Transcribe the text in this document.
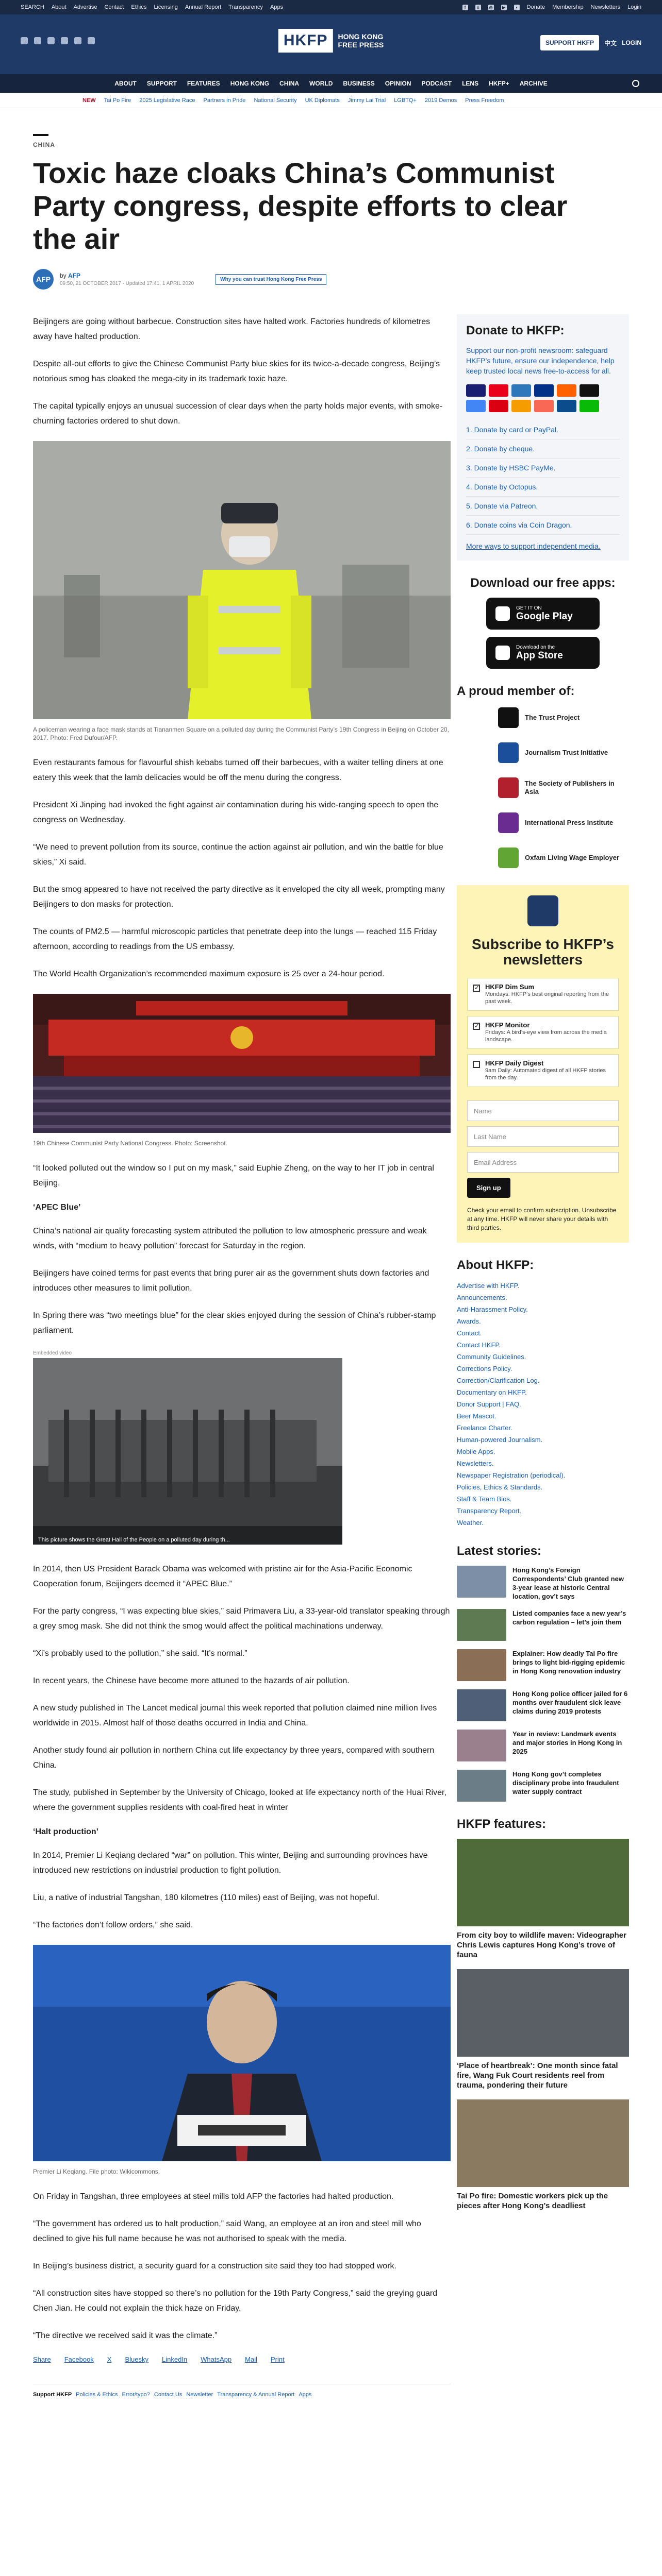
SEARCH About Advertise Contact Ethics Licensing Annual Report Transparency Apps	f	x	◎	▶	◗ Donate Membership Newsletters Login
HKFP	HONG KONG
FREE PRESS	SUPPORT HKFP	中文 LOGIN
ABOUT SUPPORT FEATURES HONG KONG CHINA WORLD BUSINESS OPINION PODCAST LENS HKFP+ ARCHIVE
NEW Tai Po Fire 2025 Legislative Race Partners in Pride National Security UK Diplomats Jimmy Lai Trial LGBTQ+ 2019 Demos Press Freedom
CHINA
Toxic haze cloaks China’s Communist Party congress, despite efforts to clear the air
AFP	by AFP
09:50, 21 OCTOBER 2017 · Updated 17:41, 1 APRIL 2020
Why you can trust Hong Kong Free Press

Beijingers are going without barbecue. Construction sites have halted work. Factories hundreds of kilometres away have halted production.

Despite all-out efforts to give the Chinese Communist Party blue skies for its twice-a-decade congress, Beijing’s notorious smog has cloaked the mega-city in its trademark toxic haze.

The capital typically enjoys an unusual succession of clear days when the party holds major events, with smoke-churning factories ordered to shut down.

A policeman wearing a face mask stands at Tiananmen Square on a polluted day during the Communist Party’s 19th Congress in Beijing on October 20, 2017. Photo: Fred Dufour/AFP.

Even restaurants famous for flavourful shish kebabs turned off their barbecues, with a waiter telling diners at one eatery this week that the lamb delicacies would be off the menu during the congress.

President Xi Jinping had invoked the fight against air contamination during his wide-ranging speech to open the congress on Wednesday.

“We need to prevent pollution from its source, continue the action against air pollution, and win the battle for blue skies,” Xi said.

But the smog appeared to have not received the party directive as it enveloped the city all week, prompting many Beijingers to don masks for protection.

The counts of PM2.5 — harmful microscopic particles that penetrate deep into the lungs — reached 115 Friday afternoon, according to readings from the US embassy.

The World Health Organization’s recommended maximum exposure is 25 over a 24-hour period.

19th Chinese Communist Party National Congress. Photo: Screenshot.

“It looked polluted out the window so I put on my mask,” said Euphie Zheng, on the way to her IT job in central Beijing.

‘APEC Blue’

China’s national air quality forecasting system attributed the pollution to low atmospheric pressure and weak winds, with “medium to heavy pollution” forecast for Saturday in the region.

Beijingers have coined terms for past events that bring purer air as the government shuts down factories and introduces other measures to limit pollution.

In Spring there was “two meetings blue” for the clear skies enjoyed during the session of China’s rubber-stamp parliament.

Embedded video
This picture shows the Great Hall of the People on a polluted day during th...

In 2014, then US President Barack Obama was welcomed with pristine air for the Asia-Pacific Economic Cooperation forum, Beijingers deemed it “APEC Blue.”

For the party congress, “I was expecting blue skies,” said Primavera Liu, a 33-year-old translator speaking through a grey smog mask. She did not think the smog would affect the political machinations underway.

“Xi’s probably used to the pollution,” she said. “It’s normal.”

In recent years, the Chinese have become more attuned to the hazards of air pollution.

A new study published in The Lancet medical journal this week reported that pollution claimed nine million lives worldwide in 2015. Almost half of those deaths occurred in India and China.

Another study found air pollution in northern China cut life expectancy by three years, compared with southern China.

The study, published in September by the University of Chicago, looked at life expectancy north of the Huai River, where the government supplies residents with coal-fired heat in winter

‘Halt production’

In 2014, Premier Li Keqiang declared “war” on pollution. This winter, Beijing and surrounding provinces have introduced new restrictions on industrial production to fight pollution.

Liu, a native of industrial Tangshan, 180 kilometres (110 miles) east of Beijing, was not hopeful.

“The factories don’t follow orders,” she said.

Premier Li Keqiang. File photo: Wikicommons.

On Friday in Tangshan, three employees at steel mills told AFP the factories had halted production.

“The government has ordered us to halt production,” said Wang, an employee at an iron and steel mill who declined to give his full name because he was not authorised to speak with the media.

In Beijing’s business district, a security guard for a construction site said they too had stopped work.

“All construction sites have stopped so there’s no pollution for the 19th Party Congress,” said the greying guard Chen Jian. He could not explain the thick haze on Friday.

“The directive we received said it was the climate.”

Share Facebook X Bluesky LinkedIn WhatsApp Mail Print
Support HKFP Policies & Ethics Error/typo? Contact Us Newsletter Transparency & Annual Report Apps
Donate to HKFP:

Support our non-profit newsroom: safeguard HKFP’s future, ensure our independence, help keep trusted local news free-to-access for all.

1. Donate by card or PayPal.
2. Donate by cheque.
3. Donate by HSBC PayMe.
4. Donate by Octopus.
5. Donate via Patreon.
6. Donate coins via Coin Dragon.

More ways to support independent media.

Download our free apps:
GET IT ON
Google Play
Download on the
App Store
A proud member of:
The Trust Project
Journalism Trust Initiative
The Society of Publishers in Asia
International Press Institute
Oxfam Living Wage Employer
Subscribe to HKFP’s newsletters
✓
HKFP Dim Sum
Mondays: HKFP’s best original reporting from the past week.
✓
HKFP Monitor
Fridays: A bird’s-eye view from across the media landscape.
HKFP Daily Digest
9am Daily: Automated digest of all HKFP stories from the day.
Name
Last Name
Email Address
Sign up

Check your email to confirm subscription. Unsubscribe at any time. HKFP will never share your details with third parties.

About HKFP:
Advertise with HKFP.
Announcements.
Anti-Harassment Policy.
Awards.
Contact.
Contact HKFP.
Community Guidelines.
Corrections Policy.
Correction/Clarification Log.
Documentary on HKFP.
Donor Support | FAQ.
Beer Mascot.
Freelance Charter.
Human-powered Journalism.
Mobile Apps.
Newsletters.
Newspaper Registration (periodical).
Policies, Ethics & Standards.
Staff & Team Bios.
Transparency Report.
Weather.
Latest stories:
Hong Kong’s Foreign Correspondents’ Club granted new 3-year lease at historic Central location, gov’t says
Listed companies face a new year’s carbon regulation – let’s join them
Explainer: How deadly Tai Po fire brings to light bid-rigging epidemic in Hong Kong renovation industry
Hong Kong police officer jailed for 6 months over fraudulent sick leave claims during 2019 protests
Year in review: Landmark events and major stories in Hong Kong in 2025
Hong Kong gov’t completes disciplinary probe into fraudulent water supply contract
HKFP features:
From city boy to wildlife maven: Videographer Chris Lewis captures Hong Kong’s trove of fauna
‘Place of heartbreak’: One month since fatal fire, Wang Fuk Court residents reel from trauma, pondering their future
Tai Po fire: Domestic workers pick up the pieces after Hong Kong’s deadliest
